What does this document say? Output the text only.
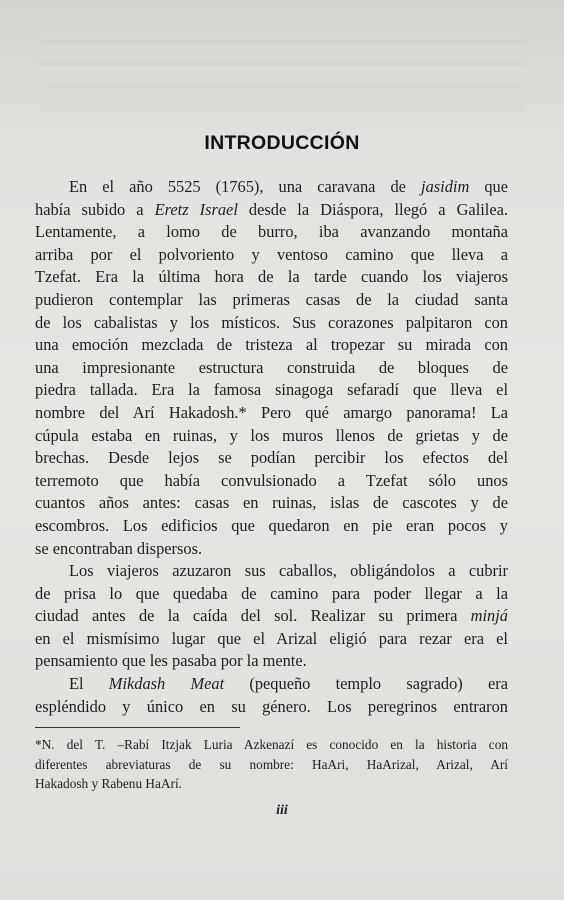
INTRODUCCIÓN
En el año 5525 (1765), una caravana de jasidim que
había subido a Eretz Israel desde la Diáspora, llegó a Galilea.
Lentamente, a lomo de burro, iba avanzando montaña
arriba por el polvoriento y ventoso camino que lleva a
Tzefat. Era la última hora de la tarde cuando los viajeros
pudieron contemplar las primeras casas de la ciudad santa
de los cabalistas y los místicos. Sus corazones palpitaron con
una emoción mezclada de tristeza al tropezar su mirada con
una impresionante estructura construida de bloques de
piedra tallada. Era la famosa sinagoga sefaradí que lleva el
nombre del Arí Hakadosh.* Pero qué amargo panorama! La
cúpula estaba en ruinas, y los muros llenos de grietas y de
brechas. Desde lejos se podían percibir los efectos del
terremoto que había convulsionado a Tzefat sólo unos
cuantos años antes: casas en ruinas, islas de cascotes y de
escombros. Los edificios que quedaron en pie eran pocos y
se encontraban dispersos.
Los viajeros azuzaron sus caballos, obligándolos a cubrir
de prisa lo que quedaba de camino para poder llegar a la
ciudad antes de la caída del sol. Realizar su primera minjá
en el mismísimo lugar que el Arizal eligió para rezar era el
pensamiento que les pasaba por la mente.
El Mikdash Meat (pequeño templo sagrado) era
espléndido y único en su género. Los peregrinos entraron
*N. del T. –Rabí Itzjak Luria Azkenazí es conocido en la historia con
diferentes abreviaturas de su nombre: HaAri, HaArizal, Arizal, Arí
Hakadosh y Rabenu HaArí.
iii
